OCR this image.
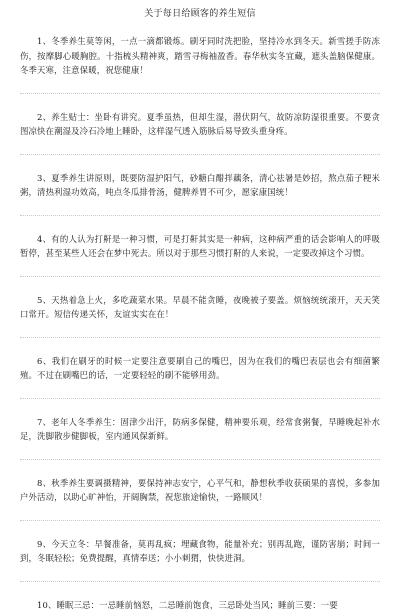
关于每日给顾客的养生短信

1、冬季养生莫等闲，一点一滴都锻炼。刷牙同时洗把脸，坚持冷水到冬天。新雪搓手防冻伤，按摩脚心暖胸腔。十指梳头精神爽，踏雪寻梅袖盈香。春华秋实冬宜藏，遮头盖脑保健康。冬季天寒，注意保暖，祝您健康！

2、养生贴士：坐卧有讲究。夏季虽热，但却生湿，潜伏阴气，故防凉防湿很重要。不要贪图凉快在潮湿及冷石冷地上睡卧，这样湿气透入筋脉后易导致头重身疼。

3、夏季养生讲原则，既要防湿护阳气，砂糖白醋拌藕条，清心祛暑是妙招，熬点茄子粳米粥，清热利湿功效高，吨点冬瓜排骨汤，健脾养胃不可少，愿家康国统！

4、有的人认为打鼾是一种习惯，可是打鼾其实是一种病，这种病严重的话会影响人的呼吸暂停，甚至某些人还会在梦中死去。所以对于那些习惯打鼾的人来说，一定要改掉这个习惯。

5、天热着急上火，多吃蔬菜水果。早晨不能贪睡，夜晚被子要盖。烦恼统统滚开，天天笑口常开。短信传递关怀，友谊实实在在！

6、我们在刷牙的时候一定要注意要刷自己的嘴巴，因为在我们的嘴巴表层也会有细菌繁殖。不过在刷嘴巴的话，一定要轻轻的刷不能够用劲。

7、老年人冬季养生：固津少出汗，防病多保健，精神要乐观，经常食粥餐，早睡晚起补水足，洗脚散步健脚板，室内通风保新鲜。

8、秋季养生要调摄精神，要保持神志安宁，心平气和，静想秋季收获硕果的喜悦，多参加户外活动，以助心旷神怡，开阔胸禁，祝您旅途愉快，一路顺风！

9、今天立冬：早餐准备，莫再乱疯；埋藏食物，能量补充；别再乱跑，谨防害崩；时间一到，冬眠轻松；免费提醒，真情奉送；小小刺猬，快快进洞。

10、睡眠三忌：一忌睡前恼怒，二忌睡前饱食，三忌卧处当风；睡前三要：一要
